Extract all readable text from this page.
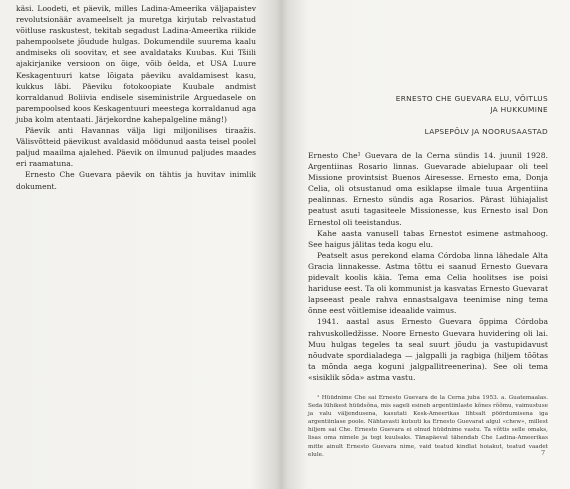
käsi. Loodeti, et päevik, milles Ladina-Ameerika väljapaistev revolutsionäär avameelselt ja muretga kirjutab relvastatud võitluse raskustest, tekitab segadust Ladina-Ameerika riikide pahempoolsete jõudude hulgas. Dokumendile suurema kaalu andmiseks oli soovitav, et see avaldataks Kuubas. Kui Tšiili ajakirjanike versioon on õige, võib öelda, et USA Luure Keskagentuuri katse lõigata päeviku avaldamisest kasu, kukkus läbi. Päeviku fotokoopiate Kuubale andmist korraldanud Boliivia endisele siseministrile Arguedasele on parempoolsed koos Keskagentuuri meestega korraldanud aga juba kolm atentaati. Järjekordne kahepalgeline mäng!)

Päevik anti Havannas välja ligi miljonilises tiraažis. Välisvõtteid päevikust avaldasid möödunud aasta teisel poolel paljud maailma ajalehed. Päevik on ilmunud paljudes maades eri raamatuna.

Ernesto Che Guevara päevik on tähtis ja huvitav inimlik dokument.

ERNESTO CHE GUEVARA ELU, VÕITLUS
JA HUKKUMINE
LAPSEPÕLV JA NOORUSAASTAD

Ernesto Che¹ Guevara de la Cerna sündis 14. juunil 1928. Argentiinas Rosario linnas. Guevarade abielupaar oli teel Missione provintsist Buenos Airesesse. Ernesto ema, Donja Celia, oli otsustanud oma esiklapse ilmale tuua Argentiina pealinnas. Ernesto sündis aga Rosarios. Pärast lühiajalist peatust asuti tagasiteele Missionesse, kus Ernesto isal Don Ernestol oli teeistandus.

Kahe aasta vanusell tabas Ernestot esimene astmahoog. See haigus jälitas teda kogu elu.

Peatselt asus perekond elama Córdoba linna lähedale Alta Gracia linnakesse. Astma tõttu ei saanud Ernesto Guevara pidevalt koolis käia. Tema ema Celia hoolitses ise poisi hariduse eest. Ta oli kommunist ja kasvatas Ernesto Guevarat lapseeast peale rahva ennastsalgava teenimise ning tema õnne eest võitlemise ideaalide vaimus.

1941. aastal asus Ernesto Guevara õppima Córdoba rahvuskolledžisse. Noore Ernesto Guevara huvidering oli lai. Muu hulgas tegeles ta seal suurt jõudu ja vastupidavust nõudvate spordialadega — jalgpalli ja ragbiga (hiljem tõõtas ta mõnda aega koguni jalgpallitreenerina). See oli tema «sisiklik sõda» astma vastu.

¹ Hüüdnime Che sai Ernesto Guevara de la Cerna juba 1953. a. Guatemaalas. Seda lühikest hüüdsõna, mis sageli esineb argentiinlaste kõnes rõõmu, vaimustuse ja valu väljendusena, kasutati Kesk-Ameerikas lihtsalt pöördumisena iga argentiinlase poole. Nähtavasti kutsuti ka Ernesto Guevarat algul «chew», millest hiljem sai Che. Ernesto Guevara ei olnud hüüdnime vastu. Ta võttis selle omaks, lisas oma nimele ja tegi kuulsaks. Tänapäeval tähendab Che Ladina-Ameerikas mitte ainult Ernesto Guevara nime, vaid teatud kindlat hoiakut, teatud vaadet elule.	7
